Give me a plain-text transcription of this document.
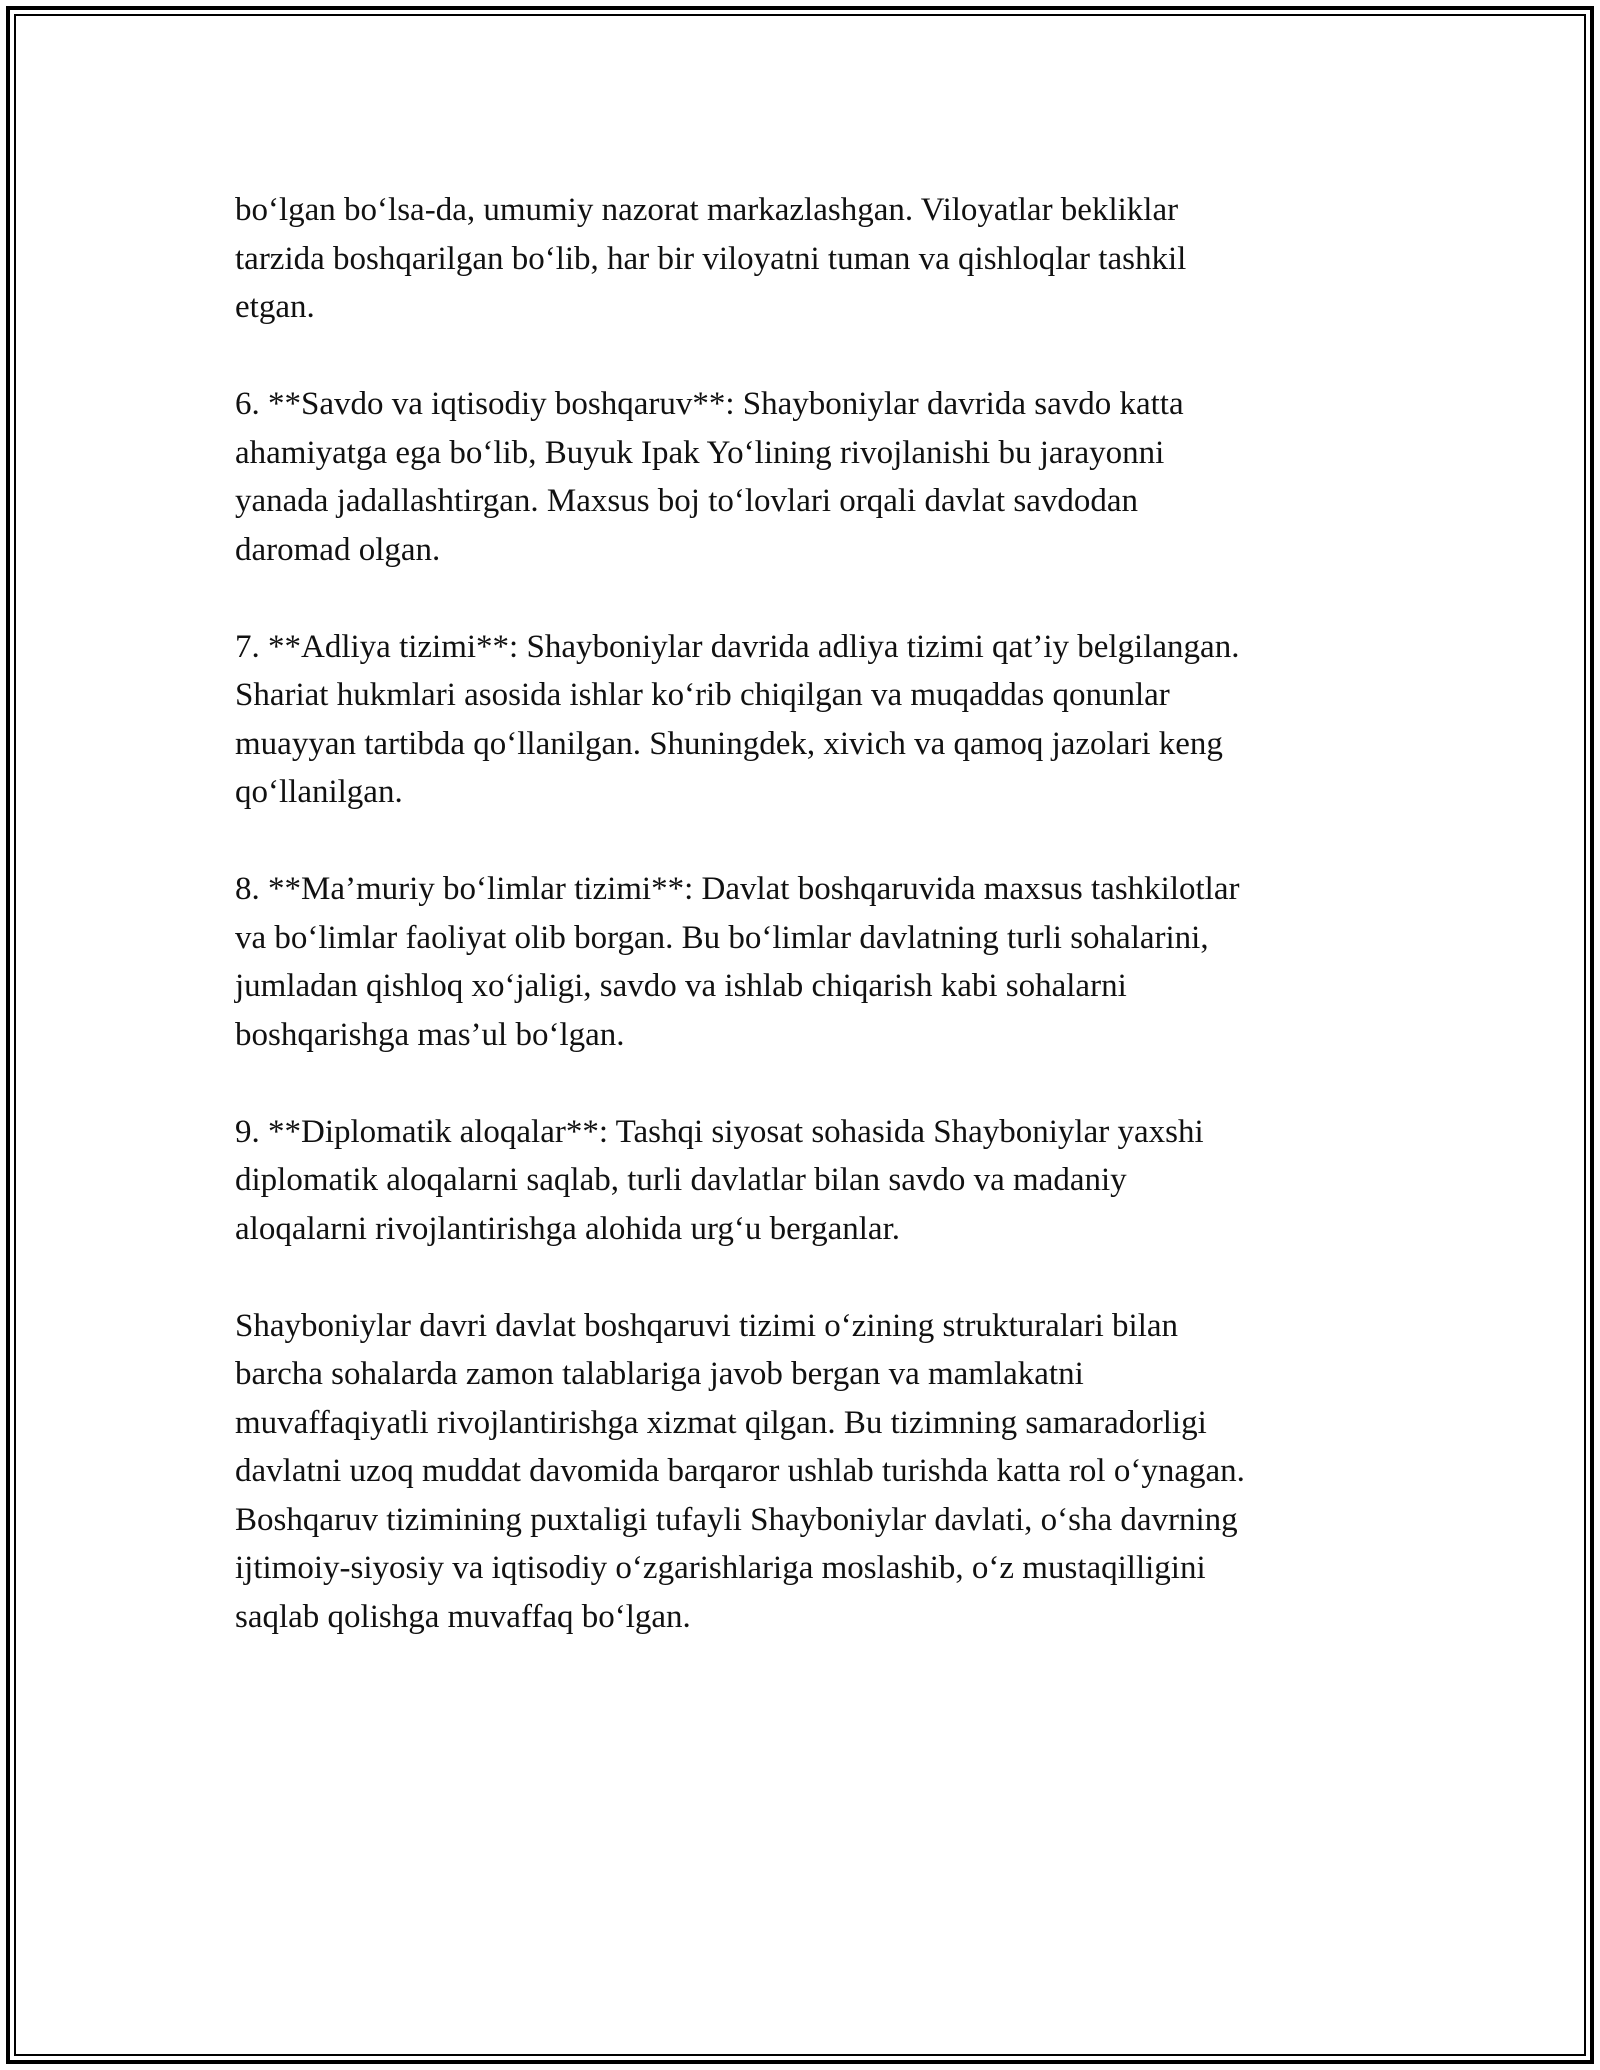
bo‘lgan bo‘lsa-da, umumiy nazorat markazlashgan. Viloyatlar bekliklar
tarzida boshqarilgan bo‘lib, har bir viloyatni tuman va qishloqlar tashkil
etgan.

6. **Savdo va iqtisodiy boshqaruv**: Shayboniylar davrida savdo katta
ahamiyatga ega bo‘lib, Buyuk Ipak Yo‘lining rivojlanishi bu jarayonni
yanada jadallashtirgan. Maxsus boj to‘lovlari orqali davlat savdodan
daromad olgan.

7. **Adliya tizimi**: Shayboniylar davrida adliya tizimi qat’iy belgilangan.
Shariat hukmlari asosida ishlar ko‘rib chiqilgan va muqaddas qonunlar
muayyan tartibda qo‘llanilgan. Shuningdek, xivich va qamoq jazolari keng
qo‘llanilgan.

8. **Ma’muriy bo‘limlar tizimi**: Davlat boshqaruvida maxsus tashkilotlar
va bo‘limlar faoliyat olib borgan. Bu bo‘limlar davlatning turli sohalarini,
jumladan qishloq xo‘jaligi, savdo va ishlab chiqarish kabi sohalarni
boshqarishga mas’ul bo‘lgan.

9. **Diplomatik aloqalar**: Tashqi siyosat sohasida Shayboniylar yaxshi
diplomatik aloqalarni saqlab, turli davlatlar bilan savdo va madaniy
aloqalarni rivojlantirishga alohida urg‘u berganlar.

Shayboniylar davri davlat boshqaruvi tizimi o‘zining strukturalari bilan
barcha sohalarda zamon talablariga javob bergan va mamlakatni
muvaffaqiyatli rivojlantirishga xizmat qilgan. Bu tizimning samaradorligi
davlatni uzoq muddat davomida barqaror ushlab turishda katta rol o‘ynagan.
Boshqaruv tizimining puxtaligi tufayli Shayboniylar davlati, o‘sha davrning
ijtimoiy-siyosiy va iqtisodiy o‘zgarishlariga moslashib, o‘z mustaqilligini
saqlab qolishga muvaffaq bo‘lgan.
